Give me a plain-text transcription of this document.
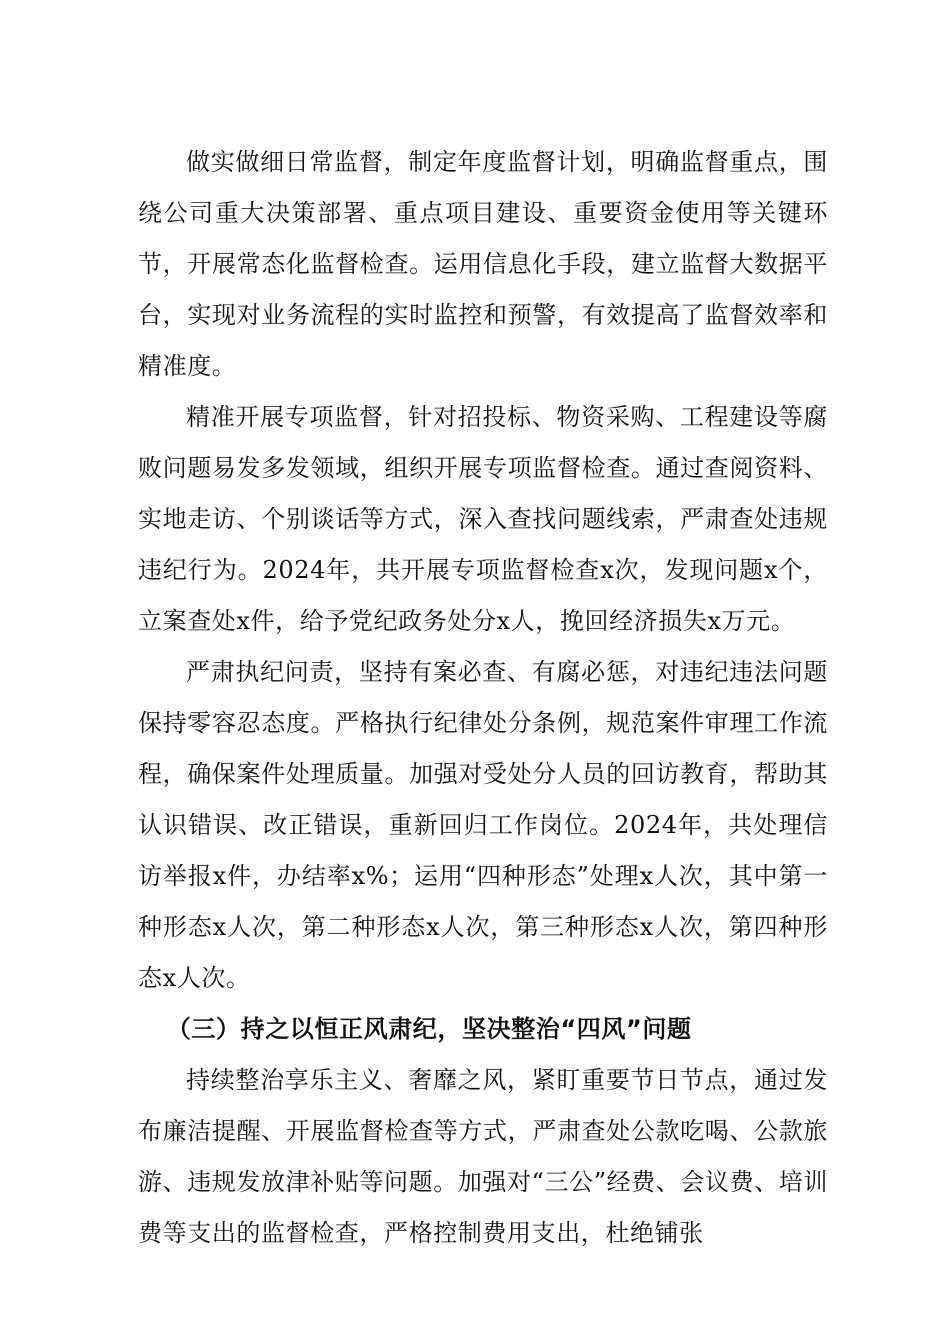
做实做细日常监督，制定年度监督计划，明确监督重点，围绕公司重大决策部署、重点项目建设、重要资金使用等关键环节，开展常态化监督检查。运用信息化手段，建立监督大数据平台，实现对业务流程的实时监控和预警，有效提高了监督效率和精准度。

精准开展专项监督，针对招投标、物资采购、工程建设等腐败问题易发多发领域，组织开展专项监督检查。通过查阅资料、实地走访、个别谈话等方式，深入查找问题线索，严肃查处违规违纪行为。2024年，共开展专项监督检查x次，发现问题x个，立案查处x件，给予党纪政务处分x人，挽回经济损失x万元。

严肃执纪问责，坚持有案必查、有腐必惩，对违纪违法问题保持零容忍态度。严格执行纪律处分条例，规范案件审理工作流程，确保案件处理质量。加强对受处分人员的回访教育，帮助其认识错误、改正错误，重新回归工作岗位。2024年，共处理信访举报x件，办结率x%；运用“四种形态”处理x人次，其中第一种形态x人次，第二种形态x人次，第三种形态x人次，第四种形态x人次。

（三）持之以恒正风肃纪，坚决整治“四风”问题

持续整治享乐主义、奢靡之风，紧盯重要节日节点，通过发布廉洁提醒、开展监督检查等方式，严肃查处公款吃喝、公款旅游、违规发放津补贴等问题。加强对“三公”经费、会议费、培训费等支出的监督检查，严格控制费用支出，杜绝铺张
